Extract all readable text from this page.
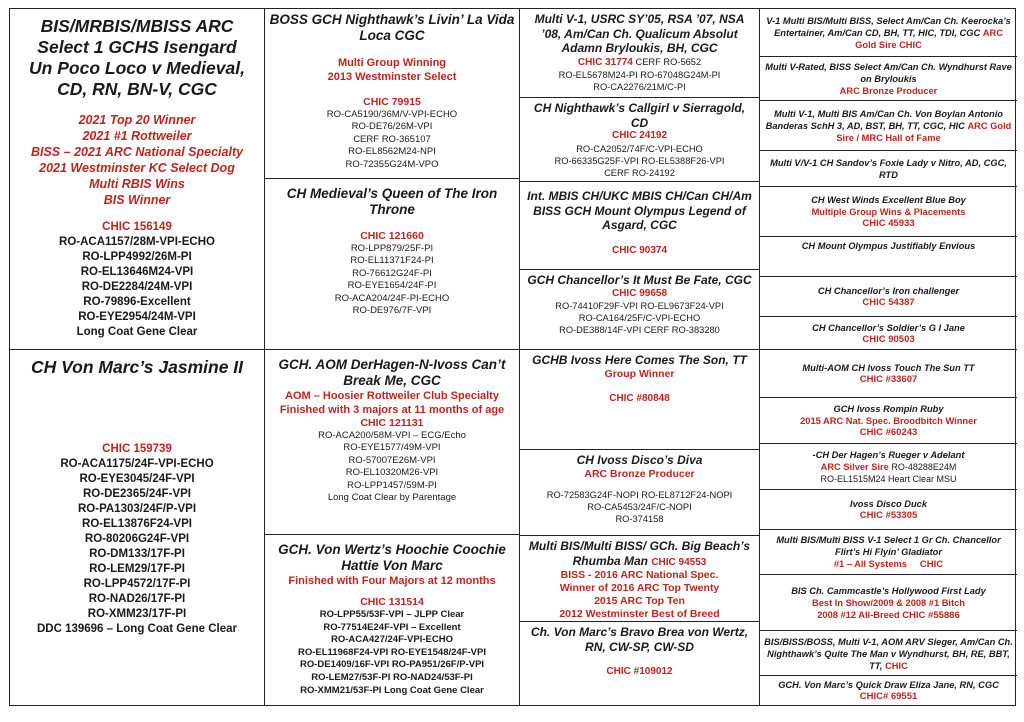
BIS/MRBIS/MBISS ARC
Select 1 GCHS Isengard
Un Poco Loco v Medieval,
CD, RN, BN-V, CGC
2021 Top 20 Winner
2021 #1 Rottweiler
BISS – 2021 ARC National Specialty
2021 Westminster KC Select Dog
Multi RBIS Wins
BIS Winner
CHIC 156149
RO-ACA1157/28M-VPI-ECHO
RO-LPP4992/26M-PI
RO-EL13646M24-VPI
RO-DE2284/24M-VPI
RO-79896-Excellent
RO-EYE2954/24M-VPI
Long Coat Gene Clear
CH Von Marc’s Jasmine II
CHIC 159739
RO-ACA1175/24F-VPI-ECHO
RO-EYE3045/24F-VPI
RO-DE2365/24F-VPI
RO-PA1303/24F/P-VPI
RO-EL13876F24-VPI
RO-80206G24F-VPI
RO-DM133/17F-PI
RO-LEM29/17F-PI
RO-LPP4572/17F-PI
RO-NAD26/17F-PI
RO-XMM23/17F-PI
DDC 139696 – Long Coat Gene Clear
BOSS GCH Nighthawk’s Livin’ La Vida Loca CGC
Multi Group Winning
2013 Westminster Select
CHIC 79915
RO-CA5190/36M/V-VPI-ECHO
RO-DE76/26M-VPI
CERF RO-365107
RO-EL8562M24-NPI
RO-72355G24M-VPO
CH Medieval’s Queen of The Iron Throne
CHIC 121660
RO-LPP879/25F-PI
RO-EL11371F24-PI
RO-76612G24F-PI
RO-EYE1654/24F-PI
RO-ACA204/24F-PI-ECHO
RO-DE976/7F-VPI
GCH. AOM DerHagen-N-Ivoss Can’t Break Me, CGC
AOM – Hoosier Rottweiler Club Specialty Finished with 3 majors at 11 months of age
CHIC 121131
RO-ACA200/58M-VPI – ECG/Echo
RO-EYE1577/49M-VPI
RO-57007E26M-VPI
RO-EL10320M26-VPI
RO-LPP1457/59M-PI
Long Coat Clear by Parentage
GCH. Von Wertz’s Hoochie Coochie Hattie Von Marc
Finished with Four Majors at 12 months
CHIC 131514
RO-LPP55/53F-VPI – JLPP Clear
RO-77514E24F-VPI – Excellent
RO-ACA427/24F-VPI-ECHO
RO-EL11968F24-VPI RO-EYE1548/24F-VPI
RO-DE1409/16F-VPI RO-PA951/26F/P-VPI
RO-LEM27/53F-PI RO-NAD24/53F-PI
RO-XMM21/53F-PI Long Coat Gene Clear
Multi V-1, USRC SY’05, RSA ’07, NSA ’08, Am/Can Ch. Qualicum Absolut Adamn Bryloukis, BH, CGC
CHIC 31774 CERF RO-5652
RO-EL5678M24-PI RO-67048G24M-PI
RO-CA2276/21M/C-PI
CH Nighthawk’s Callgirl v Sierragold, CD
CHIC 24192
RO-CA2052/74F/C-VPI-ECHO
RO-66335G25F-VPI RO-EL5388F26-VPI
CERF RO-24192
Int. MBIS CH/UKC MBIS CH/Can CH/Am BISS GCH Mount Olympus Legend of Asgard, CGC
CHIC 90374
GCH Chancellor’s It Must Be Fate, CGC
CHIC 99658
RO-74410F29F-VPI RO-EL9673F24-VPI
RO-CA164/25F/C-VPI-ECHO
RO-DE388/14F-VPI CERF RO-383280
GCHB Ivoss Here Comes The Son, TT
Group Winner
CHIC #80848
CH Ivoss Disco’s Diva
ARC Bronze Producer
RO-72583G24F-NOPI RO-EL8712F24-NOPI
RO-CA5453/24F/C-NOPI
RO-374158
Multi BIS/Multi BISS/ GCh. Big Beach’s Rhumba Man CHIC 94553
BISS - 2016 ARC National Spec.
Winner of 2016 ARC Top Twenty
2015 ARC Top Ten
2012 Westminster Best of Breed
Ch. Von Marc’s Bravo Brea von Wertz, RN, CW-SP, CW-SD
CHIC #109012
V-1 Multi BIS/Multi BISS, Select Am/Can Ch. Keerocka’s Entertainer, Am/Can CD, BH, TT, HIC, TDI, CGC ARC Gold Sire CHIC
Multi V-Rated, BISS Select Am/Can Ch. Wyndhurst Rave on Bryloukis
ARC Bronze Producer
Multi V-1, Multi BIS Am/Can Ch. Von Boylan Antonio Banderas SchH 3, AD, BST, BH, TT, CGC, HIC ARC Gold Sire / MRC Hall of Fame
Multi V/V-1 CH Sandov’s Foxie Lady v Nitro, AD, CGC, RTD
CH West Winds Excellent Blue Boy
Multiple Group Wins & Placements
CHIC 45933
CH Mount Olympus Justifiably Envious
CH Chancellor’s Iron challenger
CHIC 54387
CH Chancellor’s Soldier’s G I Jane
CHIC 90503
Multi-AOM CH Ivoss Touch The Sun TT
CHIC #33607
GCH Ivoss Rompin Ruby
2015 ARC Nat. Spec. Broodbitch Winner
CHIC #60243
-CH Der Hagen’s Rueger v Adelant
ARC Silver Sire RO-48288E24M
RO-EL1515M24 Heart Clear MSU
Ivoss Disco Duck
CHIC #53305
Multi BIS/Multi BISS V-1 Select 1 Gr Ch. Chancellor Flirt’s Hi Flyin’ Gladiator
#1 – All Systems CHIC
BIS Ch. Cammcastle’s Hollywood First Lady
Best In Show/2009 & 2008 #1 Bitch
2008 #12 All-Breed CHIC #55886
BIS/BISS/BOSS, Multi V-1, AOM ARV Sieger, Am/Can Ch. Nighthawk’s Quite The Man v Wyndhurst, BH, RE, BBT, TT, CHIC
GCH. Von Marc’s Quick Draw Eliza Jane, RN, CGC
CHIC# 69551
